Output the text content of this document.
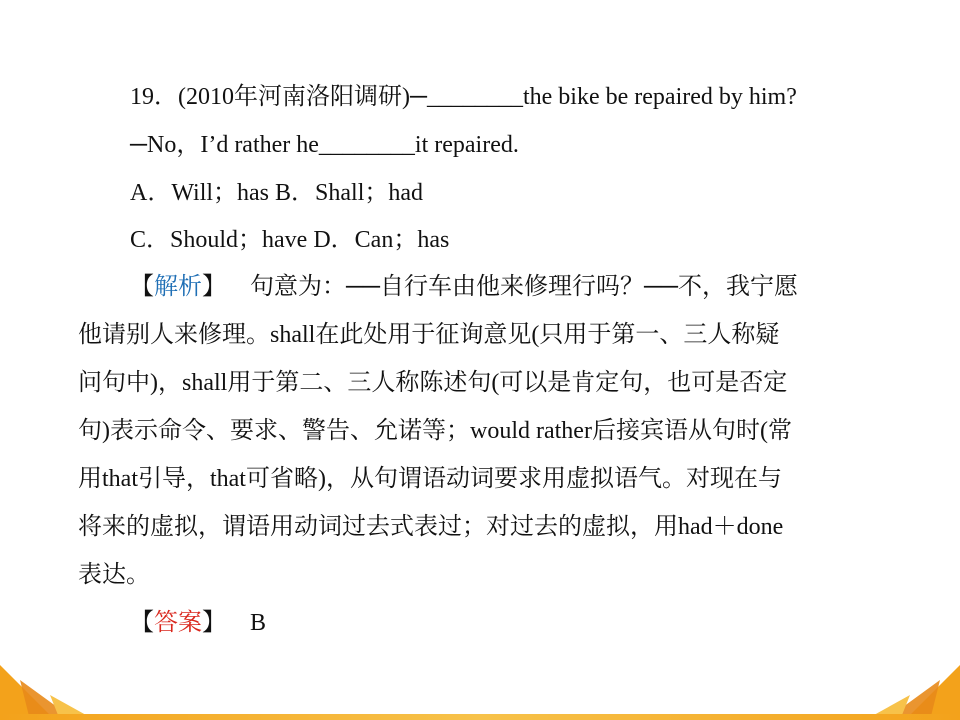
19．(2010年河南洛阳调研)─________the bike be repaired by him?
─No，I’d rather he________it repaired.
A．Will；has B．Shall；had
C．Should；have D．Can；has
【解析】 句意为：──自行车由他来修理行吗？──不，我宁愿
他请别人来修理。shall在此处用于征询意见(只用于第一、三人称疑
问句中)，shall用于第二、三人称陈述句(可以是肯定句，也可是否定
句)表示命令、要求、警告、允诺等；would rather后接宾语从句时(常
用that引导，that可省略)，从句谓语动词要求用虚拟语气。对现在与
将来的虚拟，谓语用动词过去式表过；对过去的虚拟，用had＋done
表达。
【答案】 B
